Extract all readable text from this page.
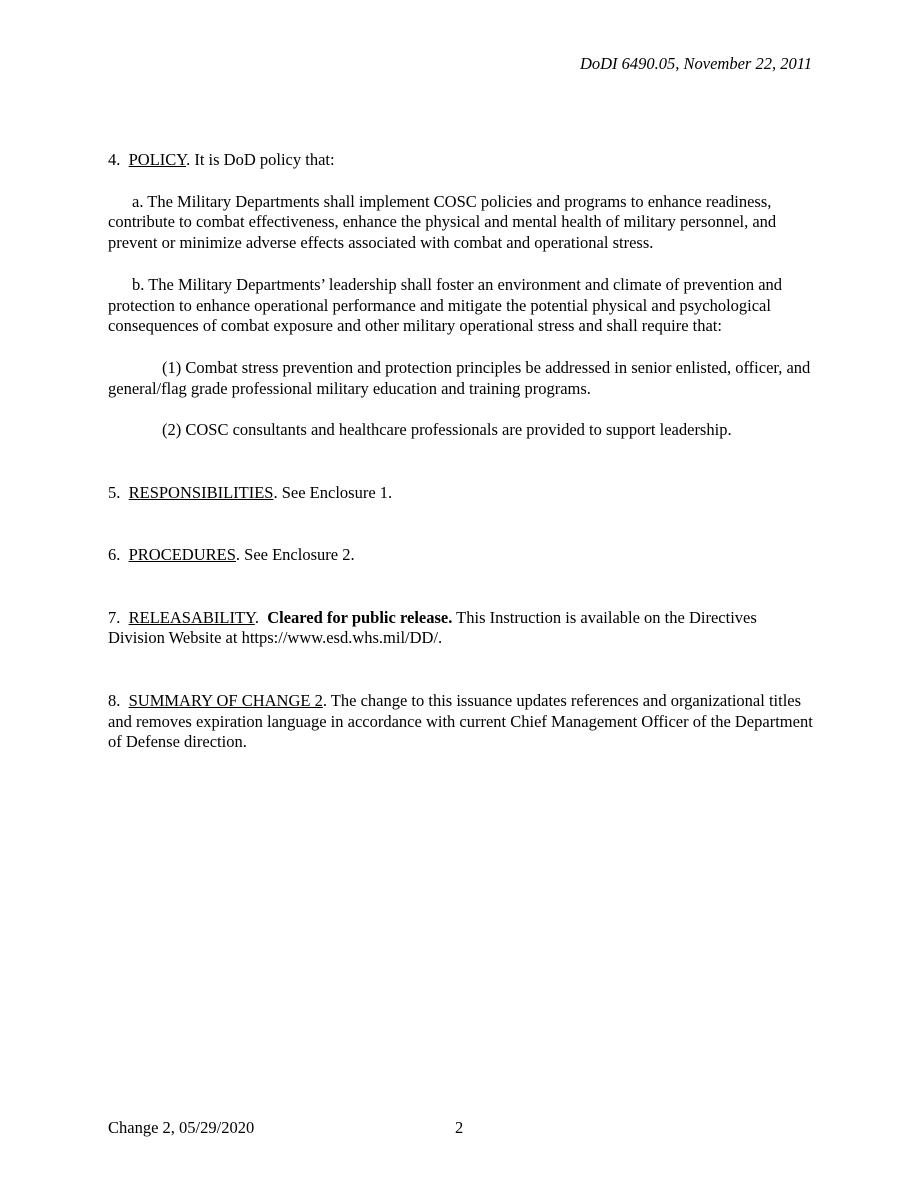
DoDI 6490.05, November 22, 2011

4. POLICY. It is DoD policy that:

a. The Military Departments shall implement COSC policies and programs to enhance readiness, contribute to combat effectiveness, enhance the physical and mental health of military personnel, and prevent or minimize adverse effects associated with combat and operational stress.

b. The Military Departments’ leadership shall foster an environment and climate of prevention and protection to enhance operational performance and mitigate the potential physical and psychological consequences of combat exposure and other military operational stress and shall require that:

(1) Combat stress prevention and protection principles be addressed in senior enlisted, officer, and general/flag grade professional military education and training programs.

(2) COSC consultants and healthcare professionals are provided to support leadership.

5. RESPONSIBILITIES. See Enclosure 1.

6. PROCEDURES. See Enclosure 2.

7. RELEASABILITY.  Cleared for public release. This Instruction is available on the Directives Division Website at https://www.esd.whs.mil/DD/.

8. SUMMARY OF CHANGE 2. The change to this issuance updates references and organizational titles and removes expiration language in accordance with current Chief Management Officer of the Department of Defense direction.

Change 2, 05/29/2020	2
